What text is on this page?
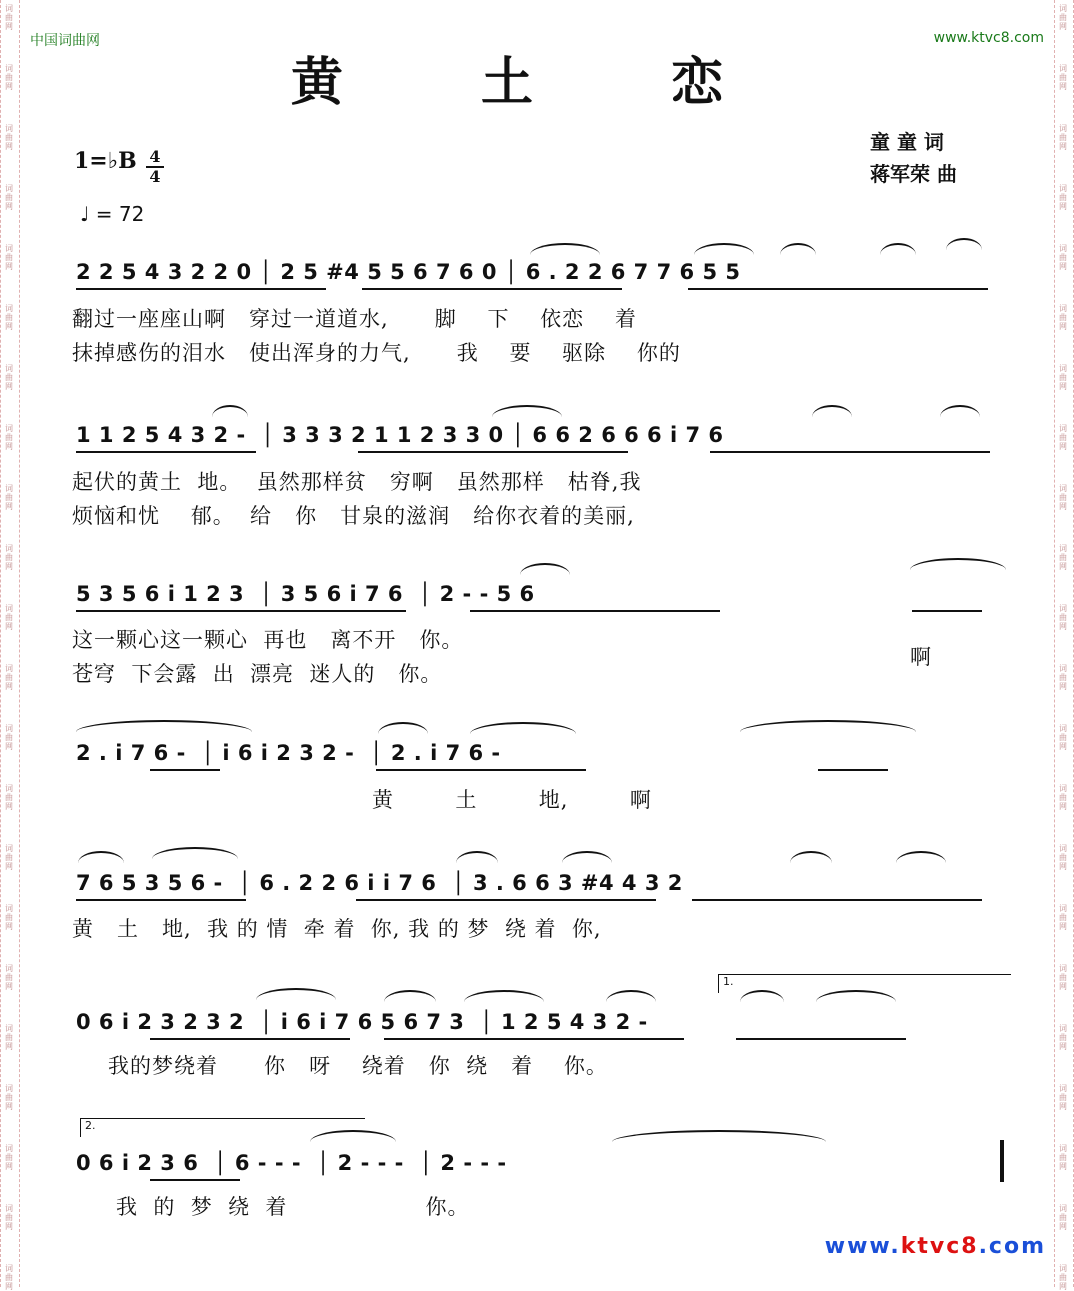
词曲网
词曲网
词曲网
词曲网
词曲网
词曲网
词曲网
词曲网
词曲网
词曲网
词曲网
词曲网
词曲网
词曲网
词曲网
词曲网
词曲网
词曲网
词曲网
词曲网
词曲网
词曲网
词曲网
词曲网
词曲网
词曲网
词曲网
词曲网
词曲网
词曲网
词曲网
词曲网
词曲网
词曲网
词曲网
词曲网
词曲网
词曲网
词曲网
词曲网
词曲网
词曲网
词曲网
词曲网
中国词曲网	www.ktvc8.com
黄 土 恋
童 童 词
蒋军荣 曲
1=♭B 4
4
♩ = 72
2 2 5 4 3 2 2 0 │ 2 5 #4 5 5 6 7 6 0 │ 6 . 2 2 6 7 7 6 5 5
翻过一座座山啊   穿过一道道水,      脚    下    依恋    着
抹掉感伤的泪水   使出浑身的力气,      我    要    驱除    你的
1 1 2 5 4 3 2 -  │ 3 3 3 2 1 1 2 3 3 0 │ 6 6 2 6 6 6 i 7 6
起伏的黄土  地。  虽然那样贫   穷啊   虽然那样   枯脊,我
烦恼和忧    郁。  给   你   甘泉的滋润   给你衣着的美丽,
5 3 5 6 i 1 2 3  │ 3 5 6 i 7 6  │ 2 - - 5 6
这一颗心这一颗心  再也   离不开   你。
苍穹  下会露  出  漂亮  迷人的   你。
啊
2 . i 7 6 -  │ i 6 i 2 3 2 -  │ 2 . i 7 6 -
黄        土        地,        啊
7 6 5 3 5 6 -  │ 6 . 2 2 6 i i 7 6  │ 3 . 6 6 3 #4 4 3 2
黄   土   地,  我 的 情  牵 着  你, 我 的 梦  绕 着  你,
1.
0 6 i 2 3 2 3 2  │ i 6 i 7 6 5 6 7 3  │ 1 2 5 4 3 2 -
我的梦绕着      你   呀    绕着   你  绕   着    你。
2.
0 6 i 2 3 6  │ 6 - - -  │ 2 - - -  │ 2 - - -
我  的  梦  绕  着                  你。
www.ktvc8.com
